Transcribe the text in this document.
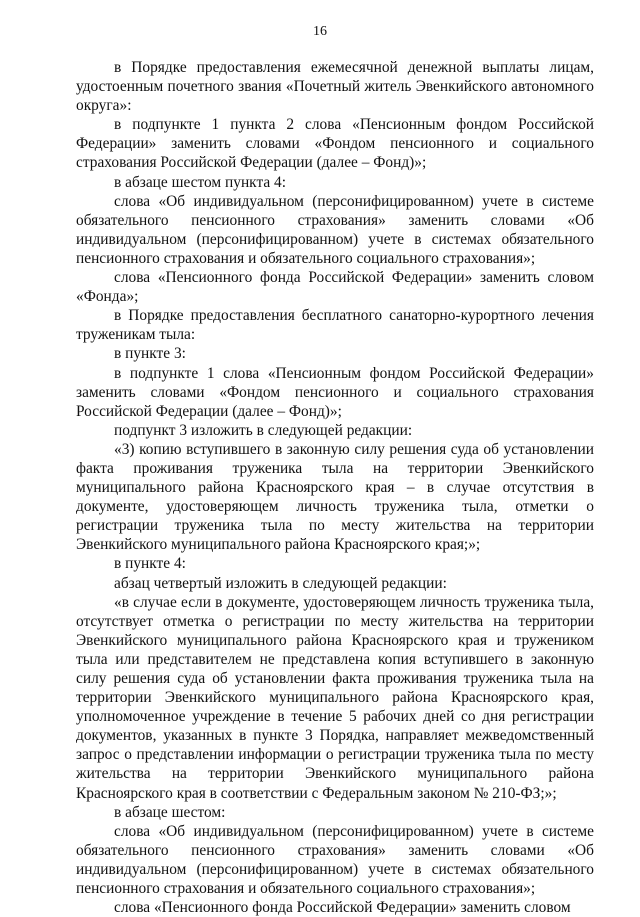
16

в Порядке предоставления ежемесячной денежной выплаты лицам, удостоенным почетного звания «Почетный житель Эвенкийского автономного округа»:

в подпункте 1 пункта 2 слова «Пенсионным фондом Российской Федерации» заменить словами «Фондом пенсионного и социального страхования Российской Федерации (далее – Фонд)»;

в абзаце шестом пункта 4:

слова «Об индивидуальном (персонифицированном) учете в системе обязательного пенсионного страхования» заменить словами «Об индивидуальном (персонифицированном) учете в системах обязательного пенсионного страхования и обязательного социального страхования»;

слова «Пенсионного фонда Российской Федерации» заменить словом «Фонда»;

в Порядке предоставления бесплатного санаторно-курортного лечения труженикам тыла:

в пункте 3:

в подпункте 1 слова «Пенсионным фондом Российской Федерации» заменить словами «Фондом пенсионного и социального страхования Российской Федерации (далее – Фонд)»;

подпункт 3 изложить в следующей редакции:

«3) копию вступившего в законную силу решения суда об установлении факта проживания труженика тыла на территории Эвенкийского муниципального района Красноярского края – в случае отсутствия в документе, удостоверяющем личность труженика тыла, отметки о регистрации труженика тыла по месту жительства на территории Эвенкийского муниципального района Красноярского края;»;

в пункте 4:

абзац четвертый изложить в следующей редакции:

«в случае если в документе, удостоверяющем личность труженика тыла, отсутствует отметка о регистрации по месту жительства на территории Эвенкийского муниципального района Красноярского края и тружеником тыла или представителем не представлена копия вступившего в законную силу решения суда об установлении факта проживания труженика тыла на территории Эвенкийского муниципального района Красноярского края, уполномоченное учреждение в течение 5 рабочих дней со дня регистрации документов, указанных в пункте 3 Порядка, направляет межведомственный запрос о представлении информации о регистрации труженика тыла по месту жительства на территории Эвенкийского муниципального района Красноярского края в соответствии с Федеральным законом № 210-ФЗ;»;

в абзаце шестом:

слова «Об индивидуальном (персонифицированном) учете в системе обязательного пенсионного страхования» заменить словами «Об индивидуальном (персонифицированном) учете в системах обязательного пенсионного страхования и обязательного социального страхования»;

слова «Пенсионного фонда Российской Федерации» заменить словом
